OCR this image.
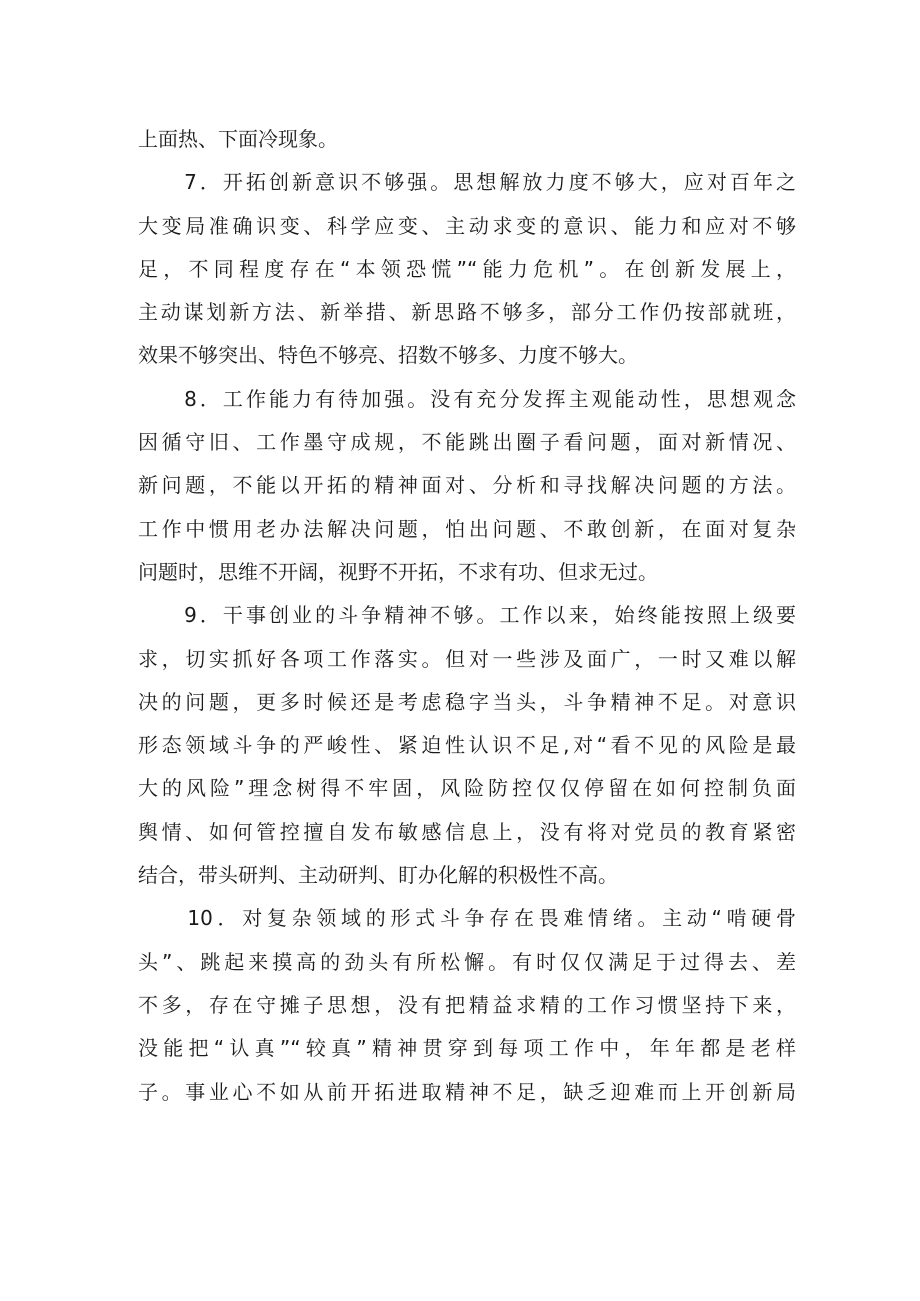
上面热、下面冷现象。
　　7．开拓创新意识不够强。思想解放力度不够大，应对百年之
大变局准确识变、科学应变、主动求变的意识、能力和应对不够
足，不同程度存在“本领恐慌”“能力危机”。在创新发展上，
主动谋划新方法、新举措、新思路不够多，部分工作仍按部就班，
效果不够突出、特色不够亮、招数不够多、力度不够大。
　　8．工作能力有待加强。没有充分发挥主观能动性，思想观念
因循守旧、工作墨守成规，不能跳出圈子看问题，面对新情况、
新问题，不能以开拓的精神面对、分析和寻找解决问题的方法。
工作中惯用老办法解决问题，怕出问题、不敢创新，在面对复杂
问题时，思维不开阔，视野不开拓，不求有功、但求无过。
　　9．干事创业的斗争精神不够。工作以来，始终能按照上级要
求，切实抓好各项工作落实。但对一些涉及面广，一时又难以解
决的问题，更多时候还是考虑稳字当头，斗争精神不足。对意识
形态领域斗争的严峻性、紧迫性认识不足,对“看不见的风险是最
大的风险”理念树得不牢固，风险防控仅仅停留在如何控制负面
舆情、如何管控擅自发布敏感信息上，没有将对党员的教育紧密
结合，带头研判、主动研判、盯办化解的积极性不高。
　　10．对复杂领域的形式斗争存在畏难情绪。主动“啃硬骨
头”、跳起来摸高的劲头有所松懈。有时仅仅满足于过得去、差
不多，存在守摊子思想，没有把精益求精的工作习惯坚持下来，
没能把“认真”“较真”精神贯穿到每项工作中，年年都是老样
子。事业心不如从前开拓进取精神不足，缺乏迎难而上开创新局
